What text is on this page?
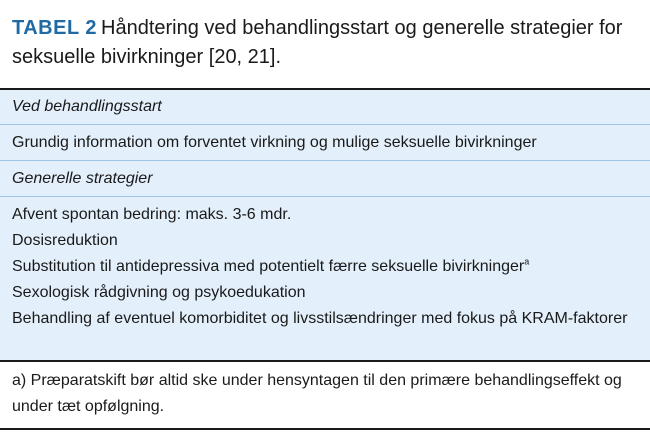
TABEL 2 Håndtering ved behandlingsstart og generelle strategier for seksuelle bivirkninger [20, 21].
Ved behandlingsstart
Grundig information om forventet virkning og mulige seksuelle bivirkninger
Generelle strategier
Afvent spontan bedring: maks. 3-6 mdr.
Dosisreduktion
Substitution til antidepressiva med potentielt færre seksuelle bivirkninger$^a$
Sexologisk rådgivning og psykoedukation
Behandling af eventuel komorbiditet og livsstilsændringer med fokus på KRAM-faktorer
a) Præparatskift bør altid ske under hensyntagen til den primære behandlingseffekt og under tæt opfølgning.
